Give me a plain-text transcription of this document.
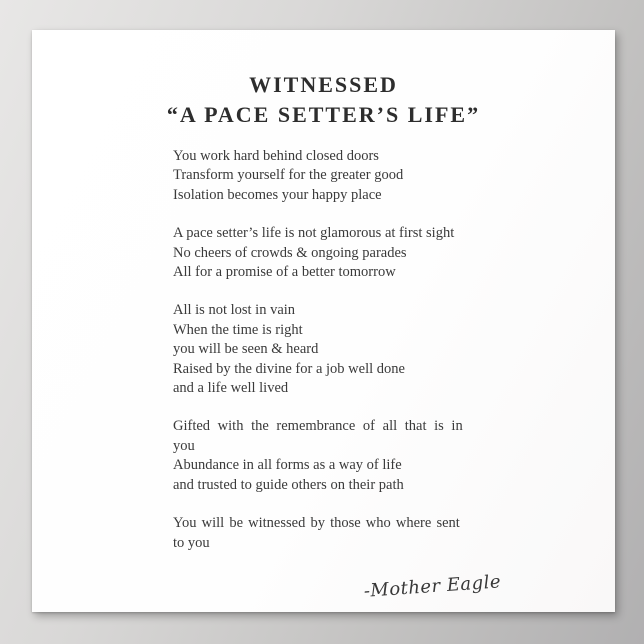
WITNESSED
“A PACE SETTER’S LIFE”
You work hard behind closed doors
Transform yourself for the greater good
Isolation becomes your happy place
A pace setter’s life is not glamorous at first sight
No cheers of crowds & ongoing parades
All for a promise of a better tomorrow
All is not lost in vain
When the time is right
you will be seen & heard
Raised by the divine for a job well done
and a life well lived
Gifted with the remembrance of all that is in
you
Abundance in all forms as a way of life
and trusted to guide others on their path
You will be witnessed by those who where sent
to you
-Mother Eagle
